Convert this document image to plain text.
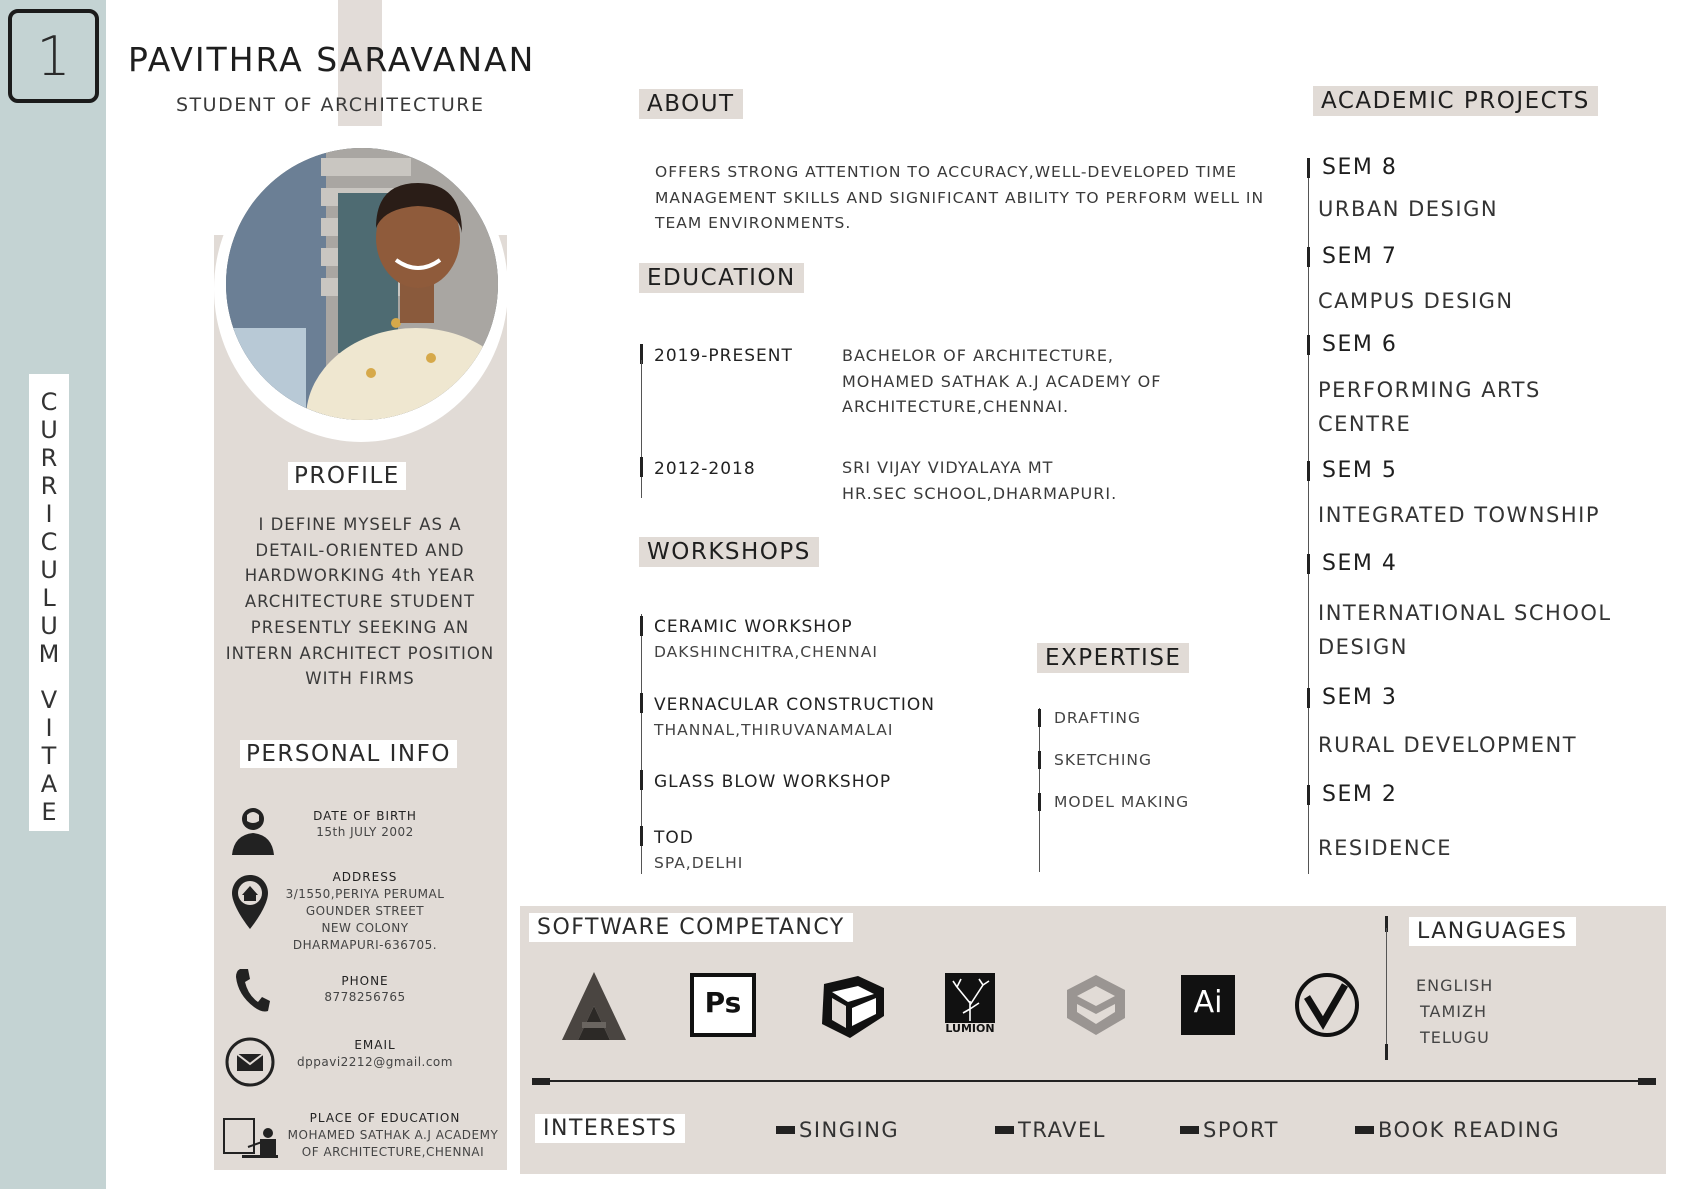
1
C
U
R
R
I
C
U
L
U
M
V
I
T
A
E
PAVITHRA SARAVANAN
STUDENT OF ARCHITECTURE
PROFILE
I DEFINE MYSELF AS A DETAIL-ORIENTED AND HARDWORKING 4th YEAR ARCHITECTURE STUDENT PRESENTLY SEEKING AN INTERN ARCHITECT POSITION WITH FIRMS
PERSONAL INFO
DATE OF BIRTH
15th JULY 2002
ADDRESS
3/1550,PERIYA PERUMAL
GOUNDER STREET
NEW COLONY
DHARMAPURI-636705.
PHONE
8778256765
EMAIL
dppavi2212@gmail.com
PLACE OF EDUCATION
MOHAMED SATHAK A.J ACADEMY
OF ARCHITECTURE,CHENNAI
ABOUT
OFFERS STRONG ATTENTION TO ACCURACY,WELL-DEVELOPED TIME MANAGEMENT SKILLS AND SIGNIFICANT ABILITY TO PERFORM WELL IN TEAM ENVIRONMENTS.
EDUCATION
2019-PRESENT	BACHELOR OF ARCHITECTURE,
MOHAMED SATHAK A.J ACADEMY OF
ARCHITECTURE,CHENNAI.
2012-2018	SRI VIJAY VIDYALAYA MT
HR.SEC SCHOOL,DHARMAPURI.
WORKSHOPS
CERAMIC WORKSHOP
DAKSHINCHITRA,CHENNAI
VERNACULAR CONSTRUCTION
THANNAL,THIRUVANAMALAI
GLASS BLOW WORKSHOP
TOD
SPA,DELHI
EXPERTISE
DRAFTING
SKETCHING
MODEL MAKING
ACADEMIC PROJECTS
SEM 8
URBAN DESIGN
SEM 7
CAMPUS DESIGN
SEM 6
PERFORMING ARTS CENTRE
SEM 5
INTEGRATED TOWNSHIP
SEM 4
INTERNATIONAL SCHOOL DESIGN
SEM 3
RURAL DEVELOPMENT
SEM 2
RESIDENCE
SOFTWARE COMPETANCY
Ps
LUMION
Ai
LANGUAGES
ENGLISH
TAMIZH
TELUGU
INTERESTS	SINGING	TRAVEL	SPORT	BOOK READING
